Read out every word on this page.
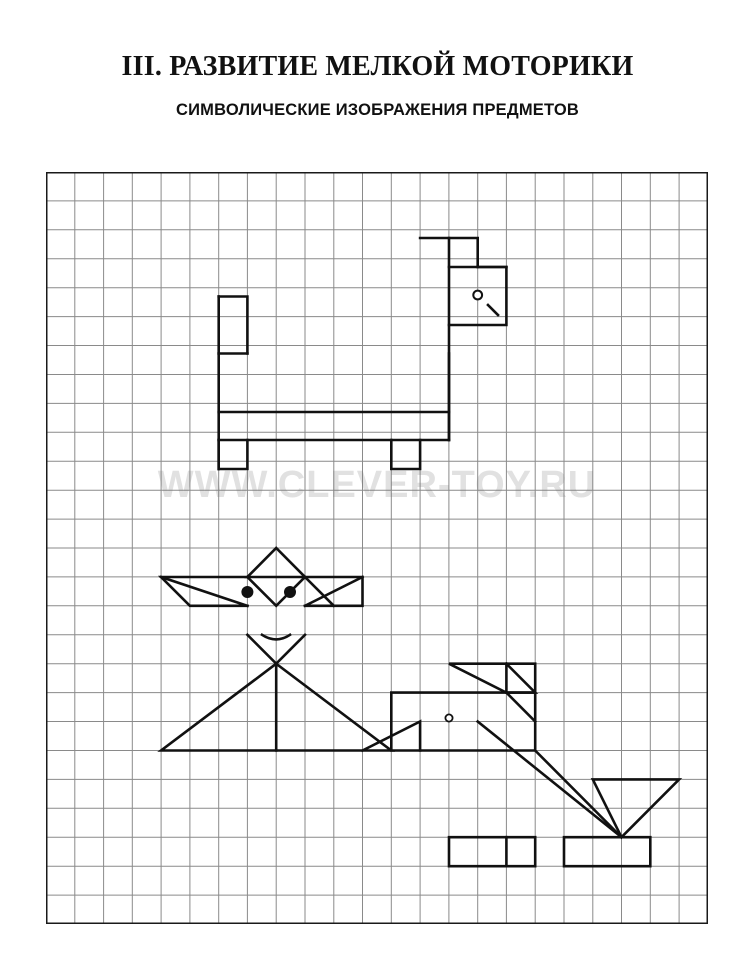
III. РАЗВИТИЕ МЕЛКОЙ МОТОРИКИ
СИМВОЛИЧЕСКИЕ ИЗОБРАЖЕНИЯ ПРЕДМЕТОВ
WWW.CLEVER-TOY.RU
